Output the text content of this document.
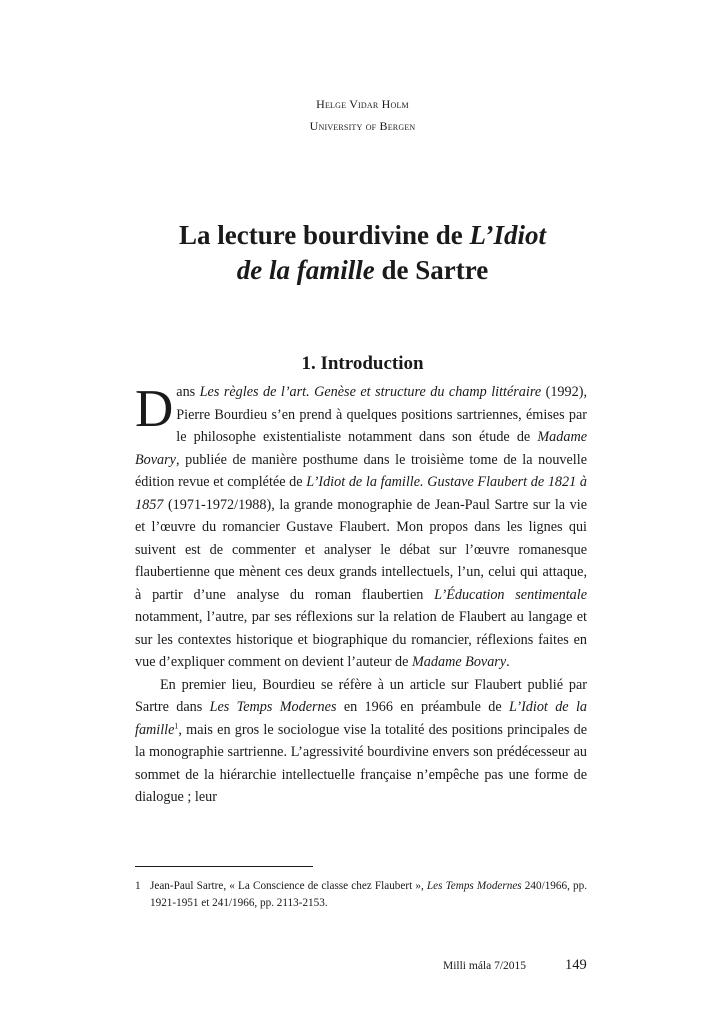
Helge Vidar Holm
University of Bergen
La lecture bourdivine de L’Idiot
de la famille de Sartre
1. Introduction

Dans Les règles de l’art. Genèse et structure du champ littéraire (1992), Pierre Bourdieu s’en prend à quelques positions sartriennes, émises par le philosophe existentialiste notamment dans son étude de Madame Bovary, publiée de manière posthume dans le troisième tome de la nouvelle édition revue et complétée de L’Idiot de la famille. Gustave Flaubert de 1821 à 1857 (1971-1972/1988), la grande monographie de Jean-Paul Sartre sur la vie et l’œuvre du romancier Gustave Flaubert. Mon propos dans les lignes qui suivent est de commenter et analyser le débat sur l’œuvre romanesque flaubertienne que mènent ces deux grands intellectuels, l’un, celui qui attaque, à partir d’une analyse du roman flaubertien L’Éducation sentimentale notamment, l’autre, par ses réflexions sur la relation de Flaubert au langage et sur les contextes historique et biographique du romancier, réflexions faites en vue d’expliquer comment on devient l’auteur de Madame Bovary.

En premier lieu, Bourdieu se réfère à un article sur Flaubert publié par Sartre dans Les Temps Modernes en 1966 en préambule de L’Idiot de la famille$^1$, mais en gros le sociologue vise la totalité des positions principales de la monographie sartrienne. L’agressivité bourdivine envers son prédécesseur au sommet de la hiérarchie intellectuelle française n’empêche pas une forme de dialogue ; leur

1 Jean-Paul Sartre, « La Conscience de classe chez Flaubert », Les Temps Modernes 240/1966, pp. 1921-1951 et 241/1966, pp. 2113-2153.
Milli mála 7/2015	149
